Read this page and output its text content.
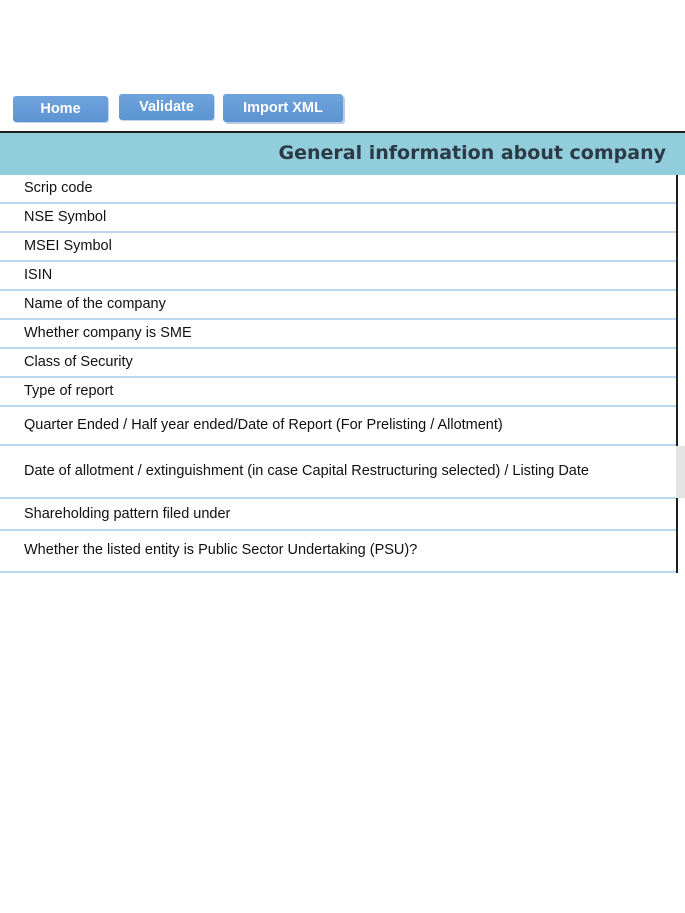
Home	Validate	Import XML
General information about company
Scrip code
NSE Symbol
MSEI Symbol
ISIN
Name of the company
Whether company is SME
Class of Security
Type of report
Quarter Ended / Half year ended/Date of Report (For Prelisting / Allotment)
Date of allotment / extinguishment (in case Capital Restructuring selected) / Listing Date
Shareholding pattern filed under
Whether the listed entity is Public Sector Undertaking (PSU)?
